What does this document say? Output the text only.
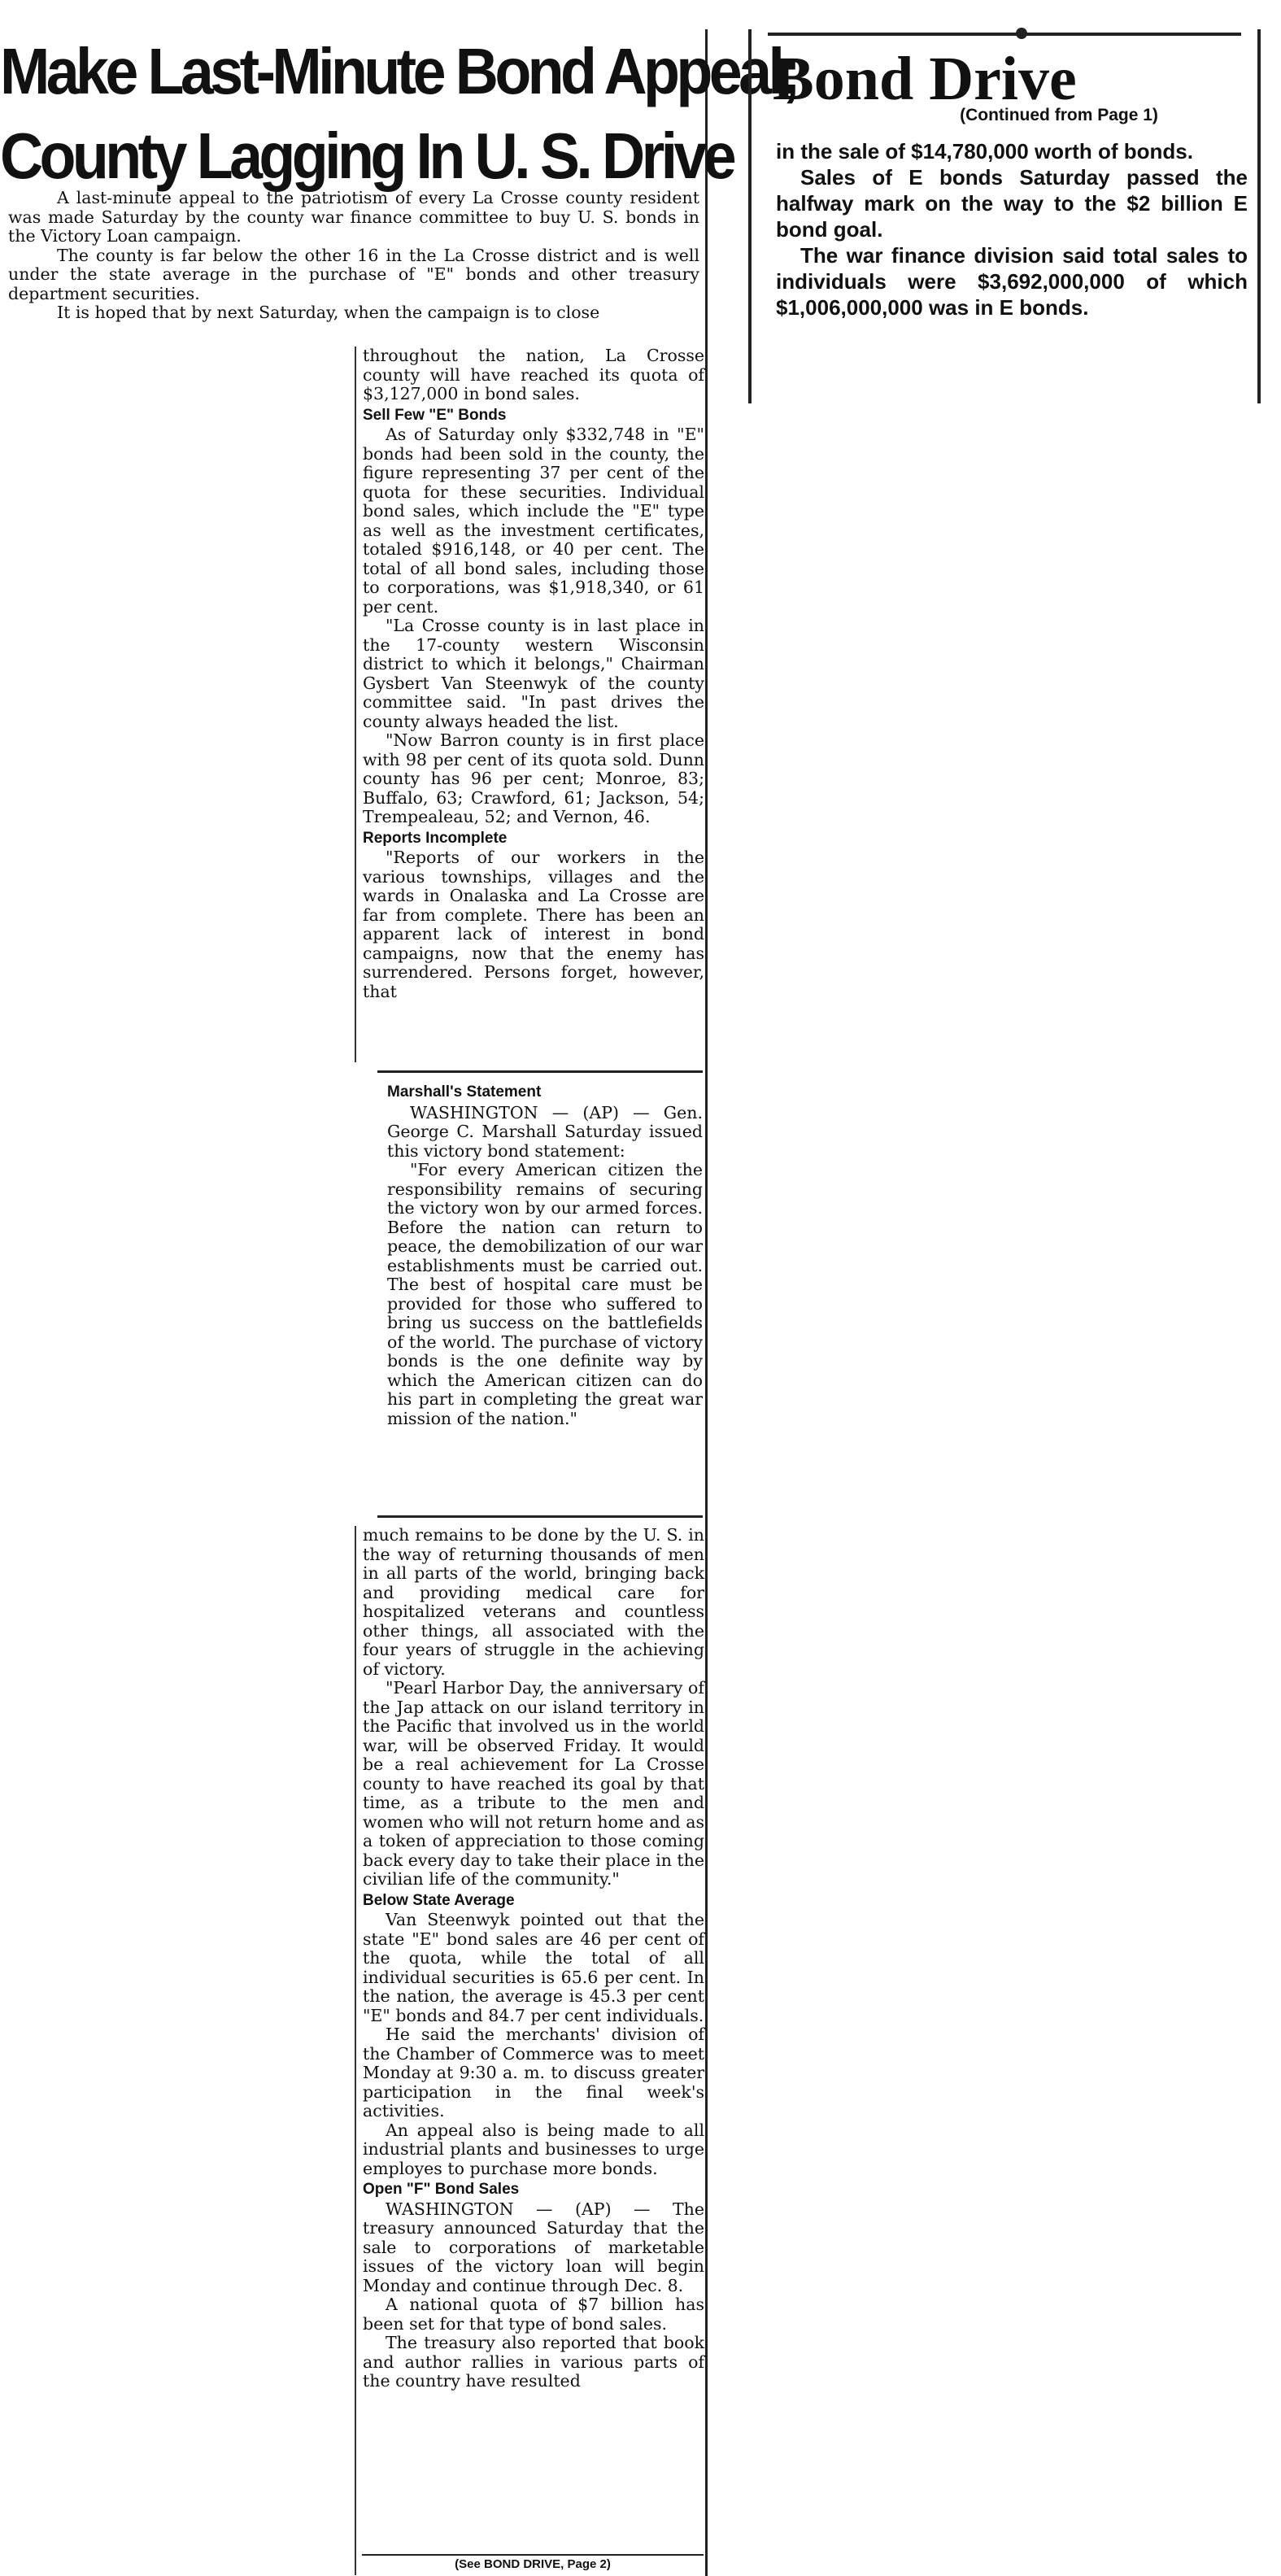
Make Last-Minute Bond Appeal;
County Lagging In U. S. Drive

A last-minute appeal to the patriotism of every La Crosse county resident was made Saturday by the county war finance committee to buy U. S. bonds in the Victory Loan campaign.

The county is far below the other 16 in the La Crosse district and is well under the state average in the purchase of "E" bonds and other treasury department securities.

It is hoped that by next Saturday, when the campaign is to close

throughout the nation, La Crosse county will have reached its quota of $3,127,000 in bond sales.

Sell Few "E" Bonds

As of Saturday only $332,748 in "E" bonds had been sold in the county, the figure representing 37 per cent of the quota for these securities. Individual bond sales, which include the "E" type as well as the investment certificates, totaled $916,148, or 40 per cent. The total of all bond sales, including those to corporations, was $1,918,340, or 61 per cent.

"La Crosse county is in last place in the 17-county western Wisconsin district to which it belongs," Chairman Gysbert Van Steenwyk of the county committee said. "In past drives the county always headed the list.

"Now Barron county is in first place with 98 per cent of its quota sold. Dunn county has 96 per cent; Monroe, 83; Buffalo, 63; Crawford, 61; Jackson, 54; Trempealeau, 52; and Vernon, 46.

Reports Incomplete

"Reports of our workers in the various townships, villages and the wards in Onalaska and La Crosse are far from complete. There has been an apparent lack of interest in bond campaigns, now that the enemy has surrendered. Persons forget, however, that

Marshall's Statement

WASHINGTON — (AP) — Gen. George C. Marshall Saturday issued this victory bond statement:

"For every American citizen the responsibility remains of securing the victory won by our armed forces. Before the nation can return to peace, the demobilization of our war establishments must be carried out. The best of hospital care must be provided for those who suffered to bring us success on the battlefields of the world. The purchase of victory bonds is the one definite way by which the American citizen can do his part in completing the great war mission of the nation."

much remains to be done by the U. S. in the way of returning thousands of men in all parts of the world, bringing back and providing medical care for hospitalized veterans and countless other things, all associated with the four years of struggle in the achieving of victory.

"Pearl Harbor Day, the anniversary of the Jap attack on our island territory in the Pacific that involved us in the world war, will be observed Friday. It would be a real achievement for La Crosse county to have reached its goal by that time, as a tribute to the men and women who will not return home and as a token of appreciation to those coming back every day to take their place in the civilian life of the community."

Below State Average

Van Steenwyk pointed out that the state "E" bond sales are 46 per cent of the quota, while the total of all individual securities is 65.6 per cent. In the nation, the average is 45.3 per cent "E" bonds and 84.7 per cent individuals.

He said the merchants' division of the Chamber of Commerce was to meet Monday at 9:30 a. m. to discuss greater participation in the final week's activities.

An appeal also is being made to all industrial plants and businesses to urge employes to purchase more bonds.

Open "F" Bond Sales

WASHINGTON — (AP) — The treasury announced Saturday that the sale to corporations of marketable issues of the victory loan will begin Monday and continue through Dec. 8.

A national quota of $7 billion has been set for that type of bond sales.

The treasury also reported that book and author rallies in various parts of the country have resulted

(See BOND DRIVE, Page 2)
Bond Drive
(Continued from Page 1)

in the sale of $14,780,000 worth of bonds.

Sales of E bonds Saturday passed the halfway mark on the way to the $2 billion E bond goal.

The war finance division said total sales to individuals were $3,692,000,000 of which $1,006,000,000 was in E bonds.
